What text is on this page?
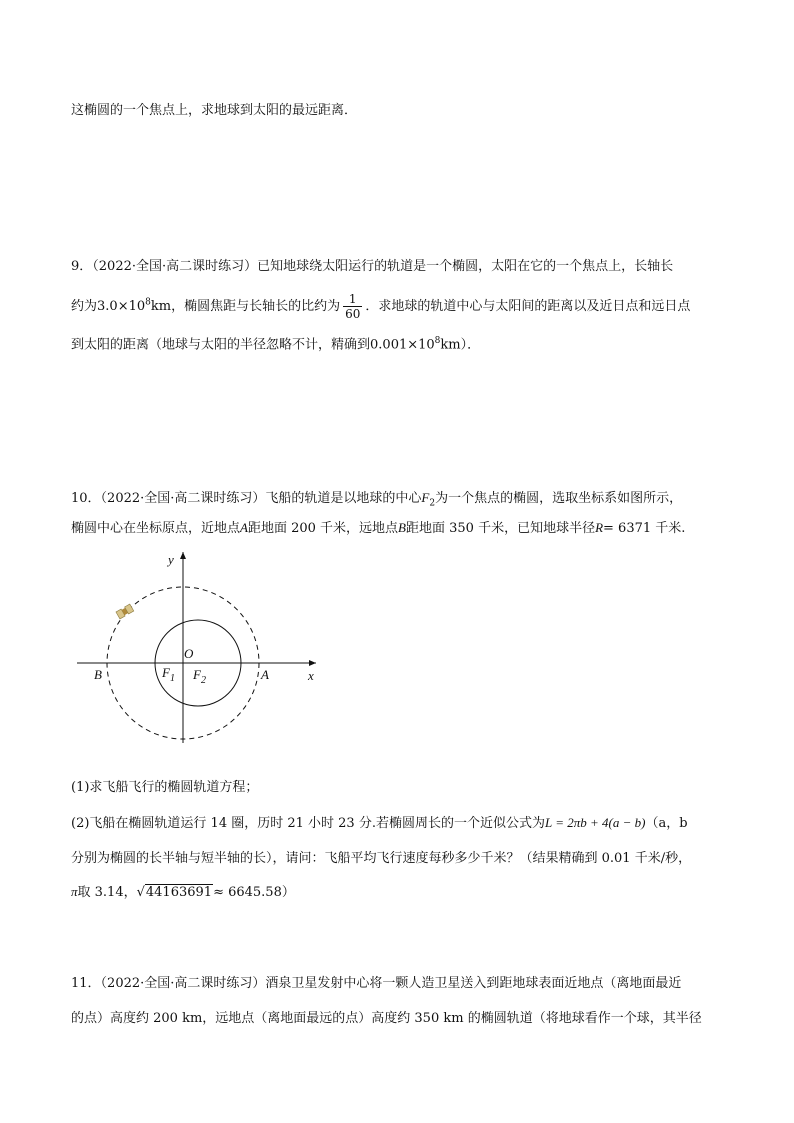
这椭圆的一个焦点上，求地球到太阳的最远距离．
9．（2022·全国·高二课时练习）已知地球绕太阳运行的轨道是一个椭圆，太阳在它的一个焦点上，长轴长
约为$3.0\times 10^8km$，椭圆焦距与长轴长的比约为 $\frac{1}{60}$ ．求地球的轨道中心与太阳间的距离以及近日点和远日点
到太阳的距离（地球与太阳的半径忽略不计，精确到$0.001\times 10^8km$）．
10．（2022·全国·高二课时练习）飞船的轨道是以地球的中心$F_2$为一个焦点的椭圆，选取坐标系如图所示，
椭圆中心在坐标原点，近地点A距地面 200 千米，远地点B距地面 350 千米，已知地球半径R= 6371 千米.
y
x
O
B	A
$F_1$ $F_2$
(1)求飞船飞行的椭圆轨道方程；
(2)飞船在椭圆轨道运行 14 圈，历时 21 小时 23 分.若椭圆周长的一个近似公式为L = 2πb + 4(a − b)（a，b
分别为椭圆的长半轴与短半轴的长），请问：飞船平均飞行速度每秒多少千米？（结果精确到 0.01 千米/秒，
π取 3.14，√44163691≈ 6645.58）
11．（2022·全国·高二课时练习）酒泉卫星发射中心将一颗人造卫星送入到距地球表面近地点（离地面最近
的点）高度约 200 km，远地点（离地面最远的点）高度约 350 km 的椭圆轨道（将地球看作一个球，其半径
